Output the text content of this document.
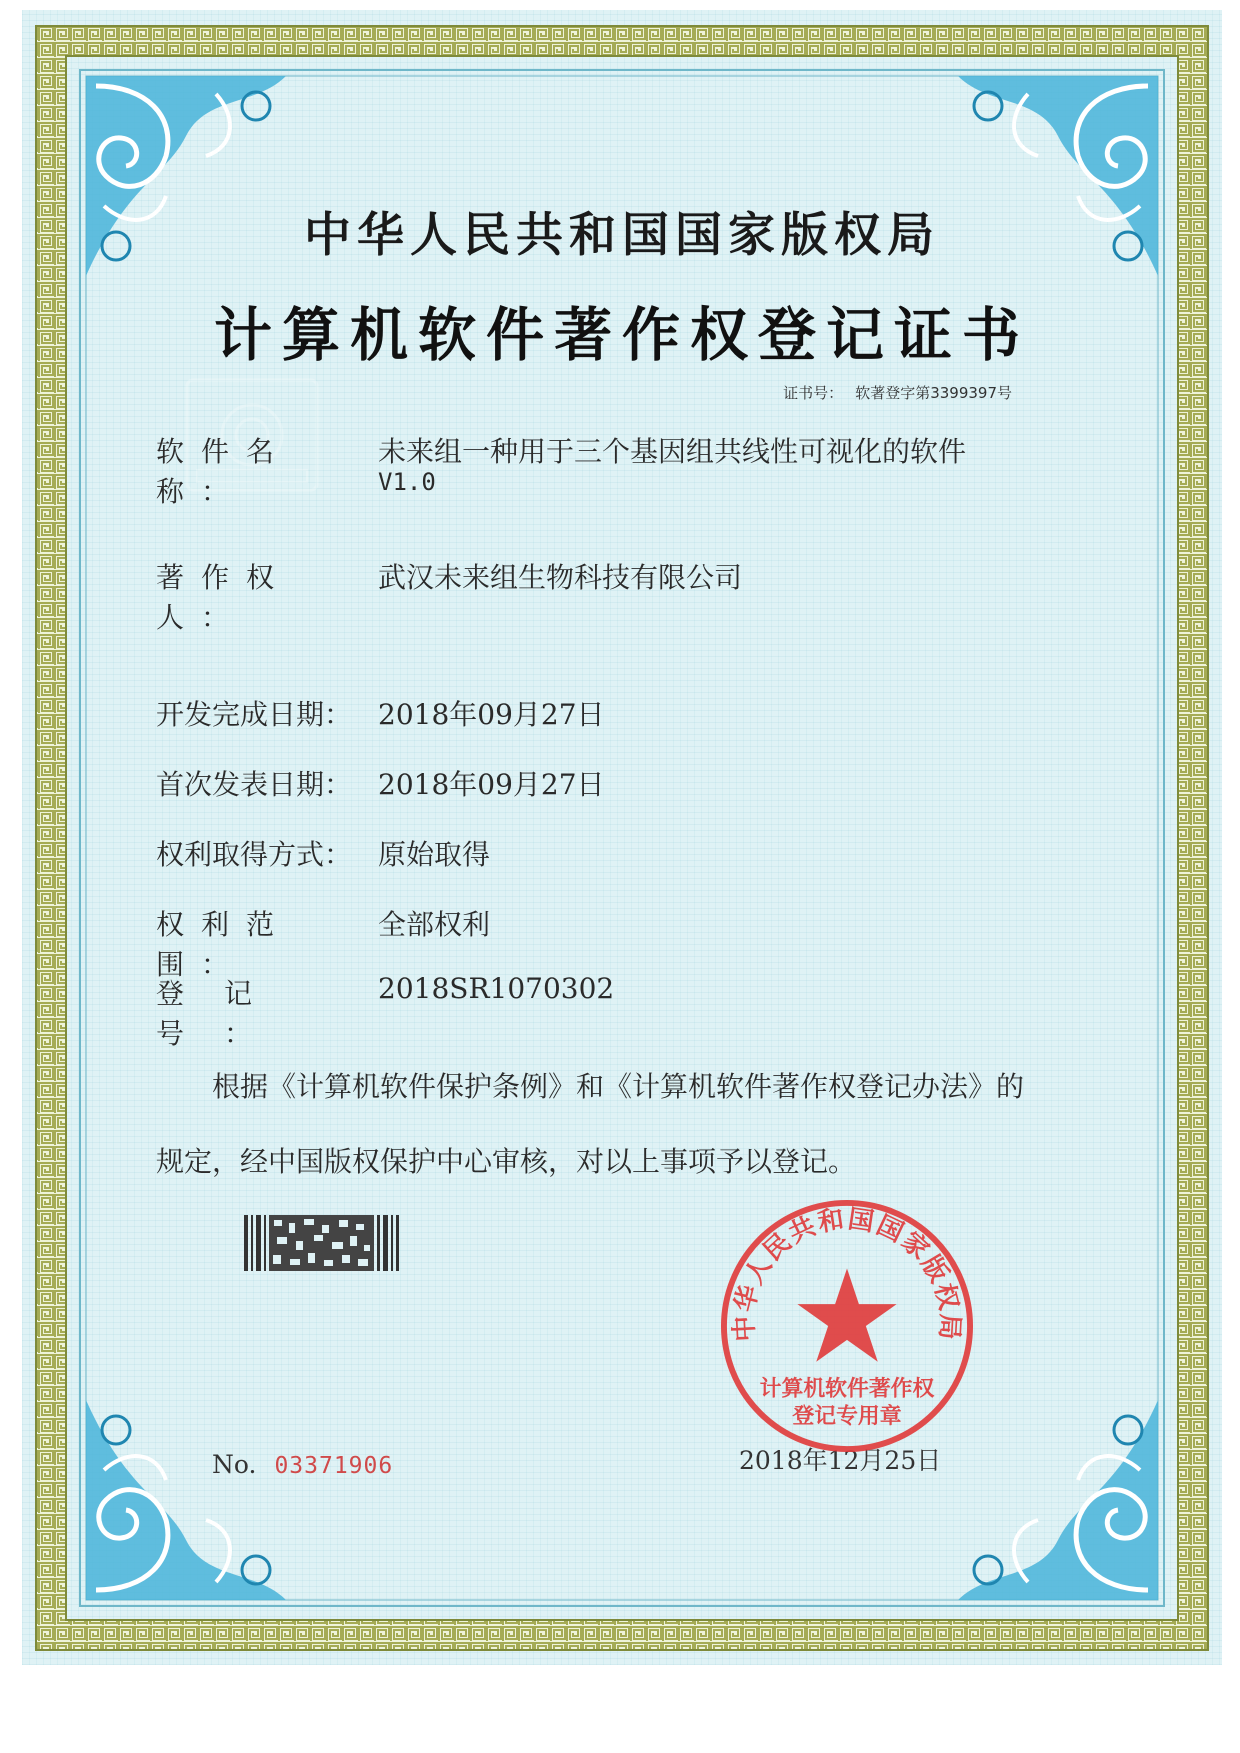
中华人民共和国国家版权局
计算机软件著作权登记证书
证书号： 软著登字第3399397号
软件名称：
未来组一种用于三个基因组共线性可视化的软件
V1.0
著作权人：
武汉未来组生物科技有限公司
开发完成日期： 2018年09月27日
首次发表日期： 2018年09月27日
权利取得方式： 原始取得
权利范围：
全部权利
登记号：
2018SR1070302
根据《计算机软件保护条例》和《计算机软件著作权登记办法》的
规定，经中国版权保护中心审核，对以上事项予以登记。
No. 03371906	2018年12月25日
中华人民共和国国家版权局
计算机软件著作权
登记专用章
